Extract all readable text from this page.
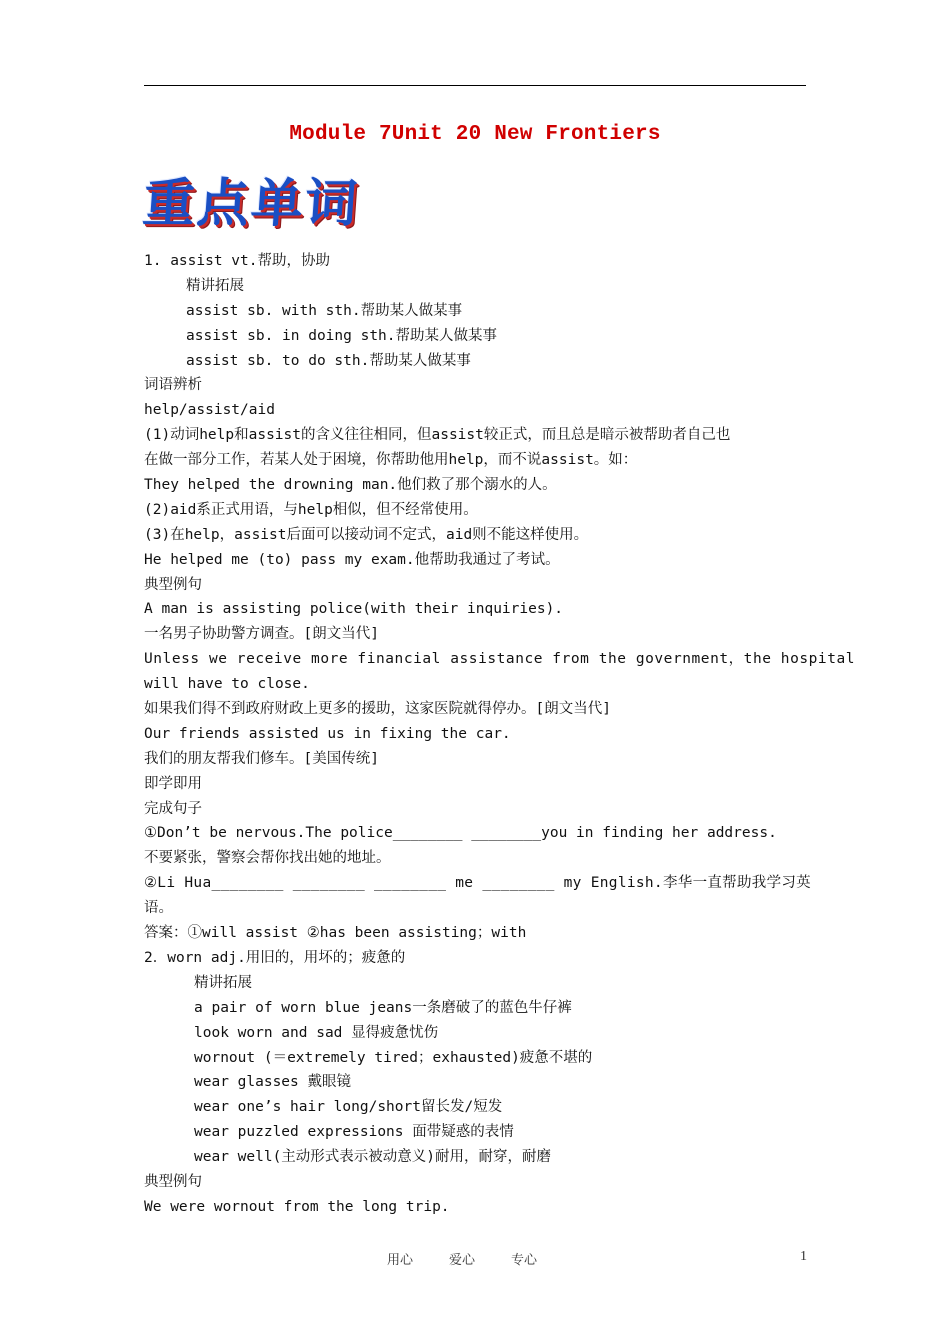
Module 7Unit 20 New Frontiers
重点单词
1. assist vt.帮助，协助
精讲拓展
assist sb. with sth.帮助某人做某事
assist sb. in doing sth.帮助某人做某事
assist sb. to do sth.帮助某人做某事
词语辨析
help/assist/aid
(1)动词help和assist的含义往往相同，但assist较正式，而且总是暗示被帮助者自己也
在做一部分工作，若某人处于困境，你帮助他用help，而不说assist。如：
They helped the drowning man.他们救了那个溺水的人。
(2)aid系正式用语，与help相似，但不经常使用。
(3)在help，assist后面可以接动词不定式，aid则不能这样使用。
He helped me (to) pass my exam.他帮助我通过了考试。
典型例句
A man is assisting police(with their inquiries).
一名男子协助警方调查。[朗文当代]
Unless we receive more financial assistance from the government，the hospital
will have to close.
如果我们得不到政府财政上更多的援助，这家医院就得停办。[朗文当代]
Our friends assisted us in fixing the car.
我们的朋友帮我们修车。[美国传统]
即学即用
完成句子
①Don’t be nervous.The police________ ________you in finding her address.
不要紧张，警察会帮你找出她的地址。
②Li Hua________ ________ ________ me ________ my English.李华一直帮助我学习英
语。
答案：①will assist ②has been assisting；with
2．worn adj.用旧的，用坏的；疲惫的
精讲拓展
a pair of worn blue jeans一条磨破了的蓝色牛仔裤
look worn and sad 显得疲惫忧伤
wornout (＝extremely tired；exhausted)疲惫不堪的
wear glasses 戴眼镜
wear one’s hair long/short留长发/短发
wear puzzled expressions 面带疑惑的表情
wear well(主动形式表示被动意义)耐用，耐穿，耐磨
典型例句
We were wornout from the long trip.
用心	爱心	专心	1
